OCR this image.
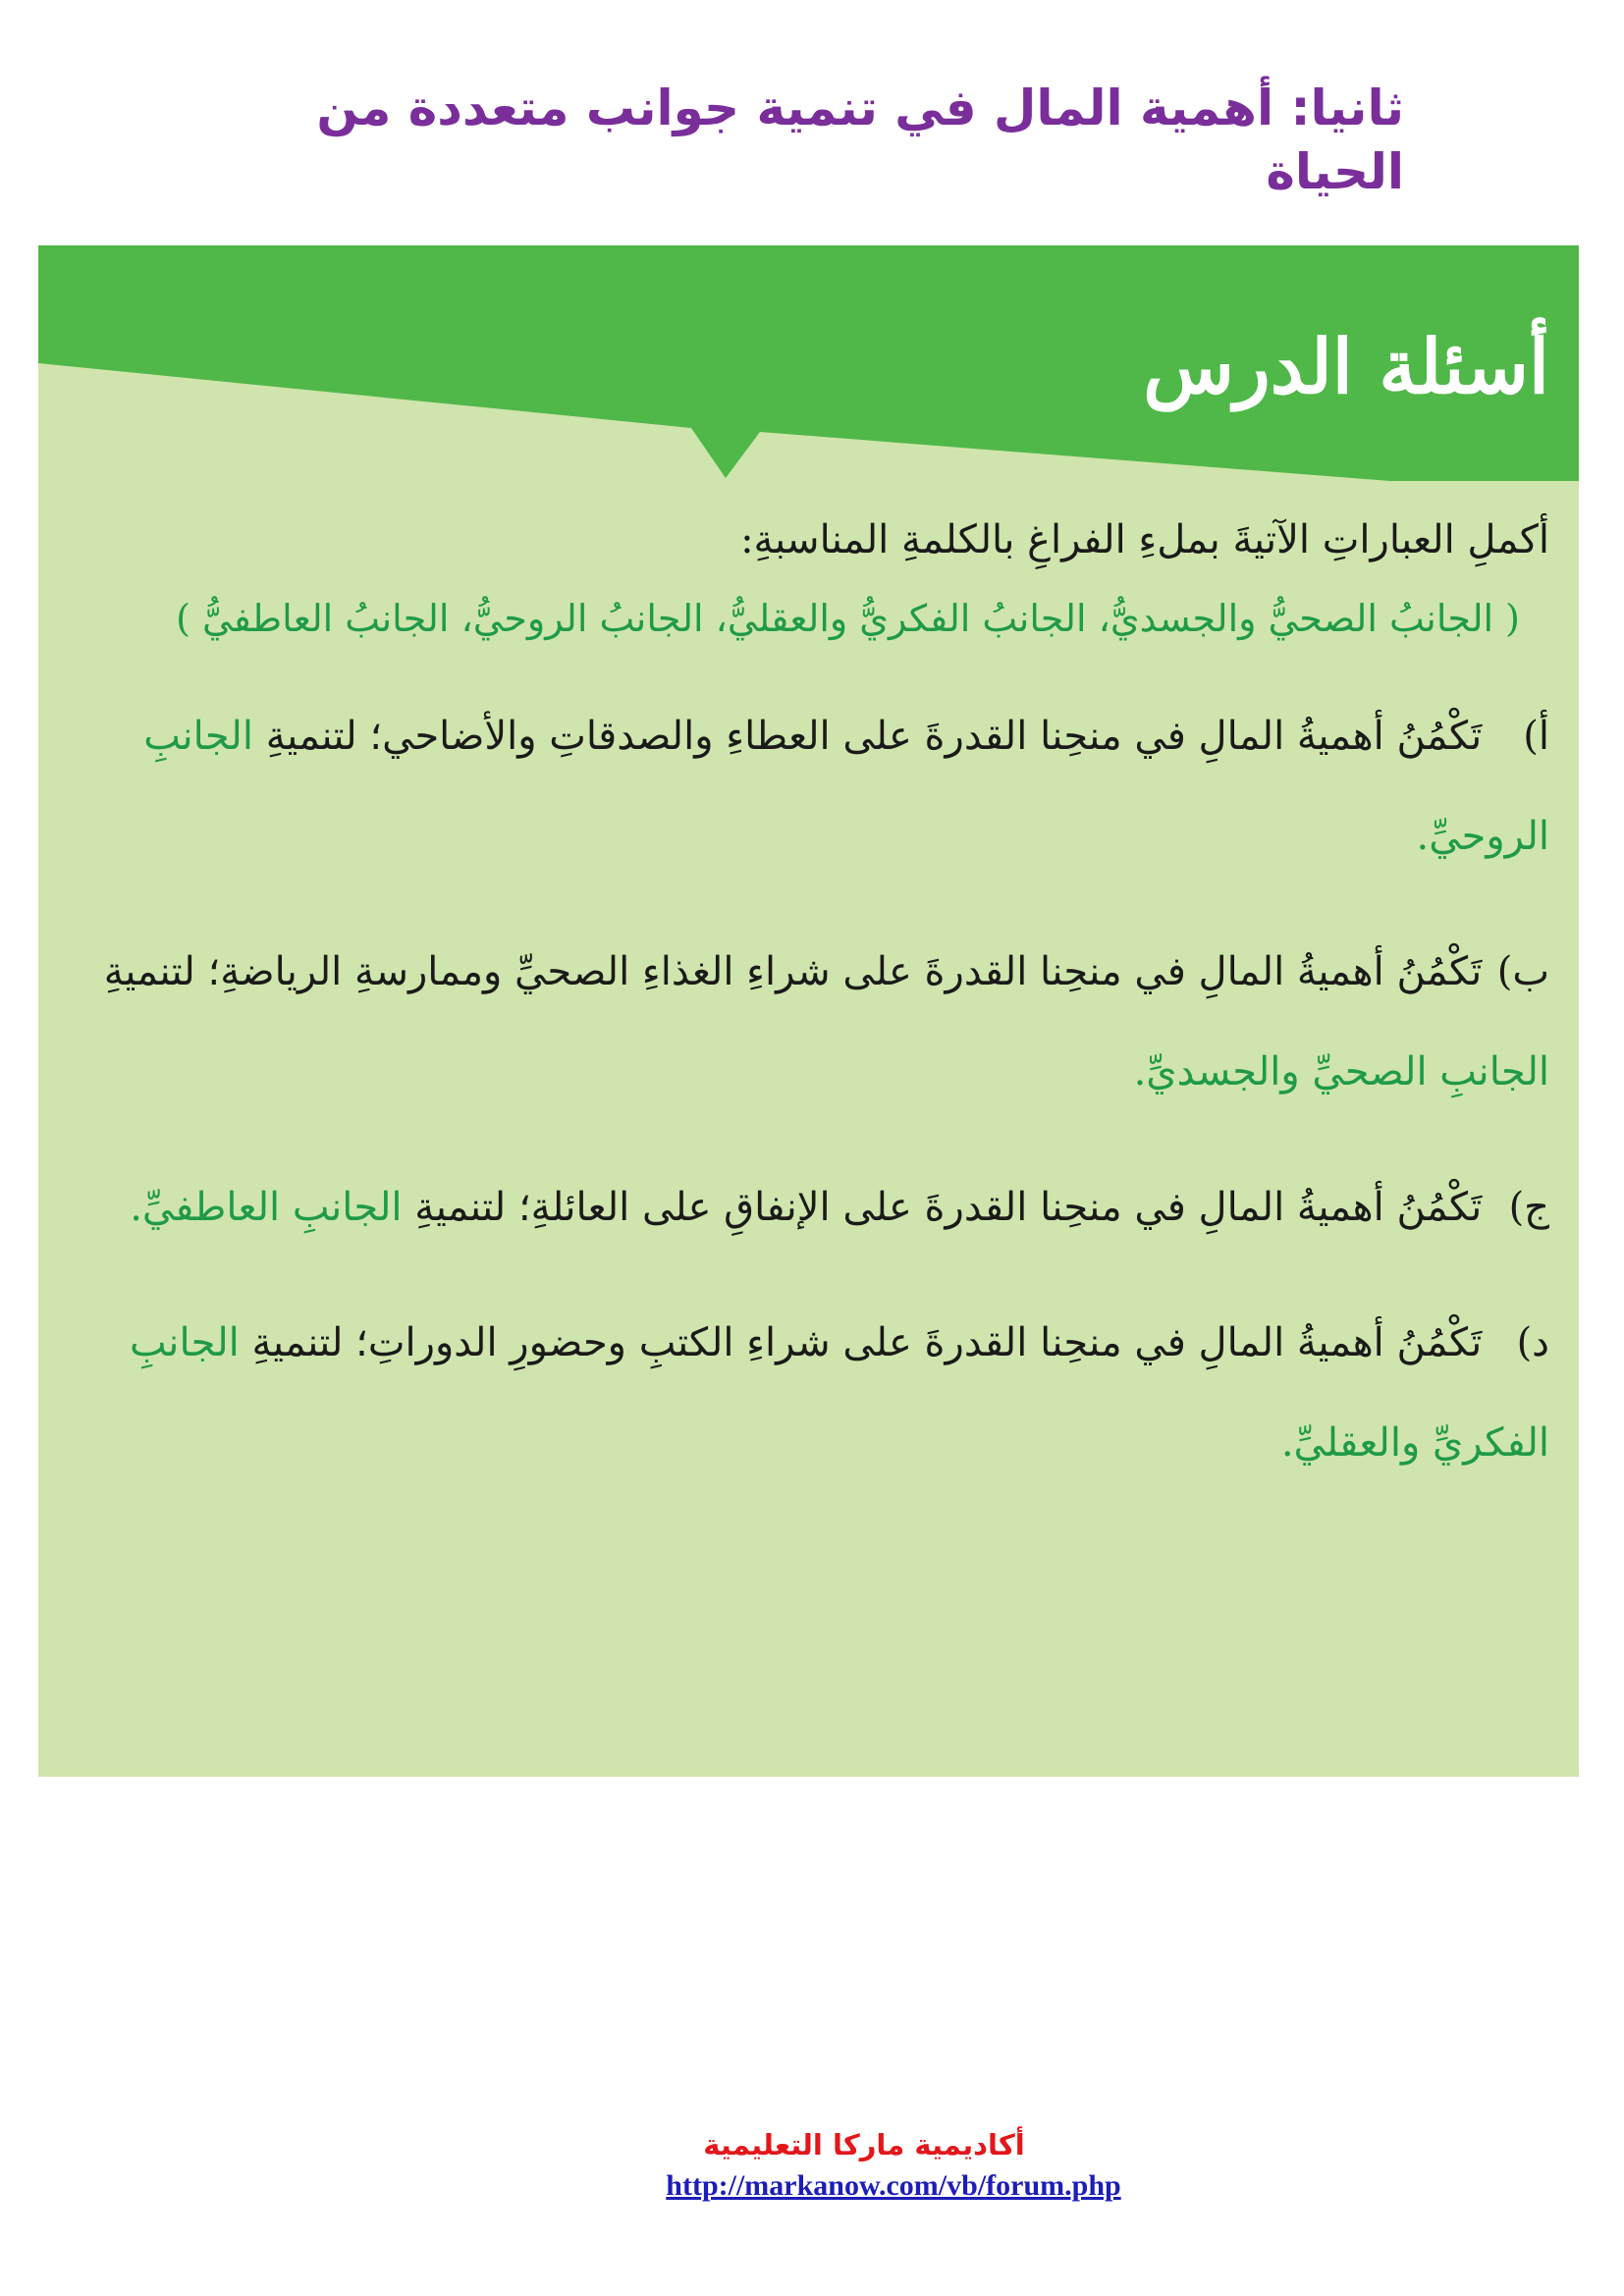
ثانيا: أهمية المال في تنمية جوانب متعددة من الحياة
أسئلة الدرس

أكملِ العباراتِ الآتيةَ بملءِ الفراغِ بالكلمةِ المناسبةِ:

( الجانبُ الصحيُّ والجسديُّ، الجانبُ الفكريُّ والعقليُّ، الجانبُ الروحيُّ، الجانبُ العاطفيُّ )

أ) تَكْمُنُ أهميةُ المالِ في منحِنا القدرةَ على العطاءِ والصدقاتِ والأضاحي؛ لتنميةِ الجانبِ الروحيِّ.

ب) تَكْمُنُ أهميةُ المالِ في منحِنا القدرةَ على شراءِ الغذاءِ الصحيِّ وممارسةِ الرياضةِ؛ لتنميةِ الجانبِ الصحيِّ والجسديِّ.

ج) تَكْمُنُ أهميةُ المالِ في منحِنا القدرةَ على الإنفاقِ على العائلةِ؛ لتنميةِ الجانبِ العاطفيِّ.

د) تَكْمُنُ أهميةُ المالِ في منحِنا القدرةَ على شراءِ الكتبِ وحضورِ الدوراتِ؛ لتنميةِ الجانبِ الفكريِّ والعقليِّ.

أكاديمية ماركا التعليمية

http://markanow.com/vb/forum.php
